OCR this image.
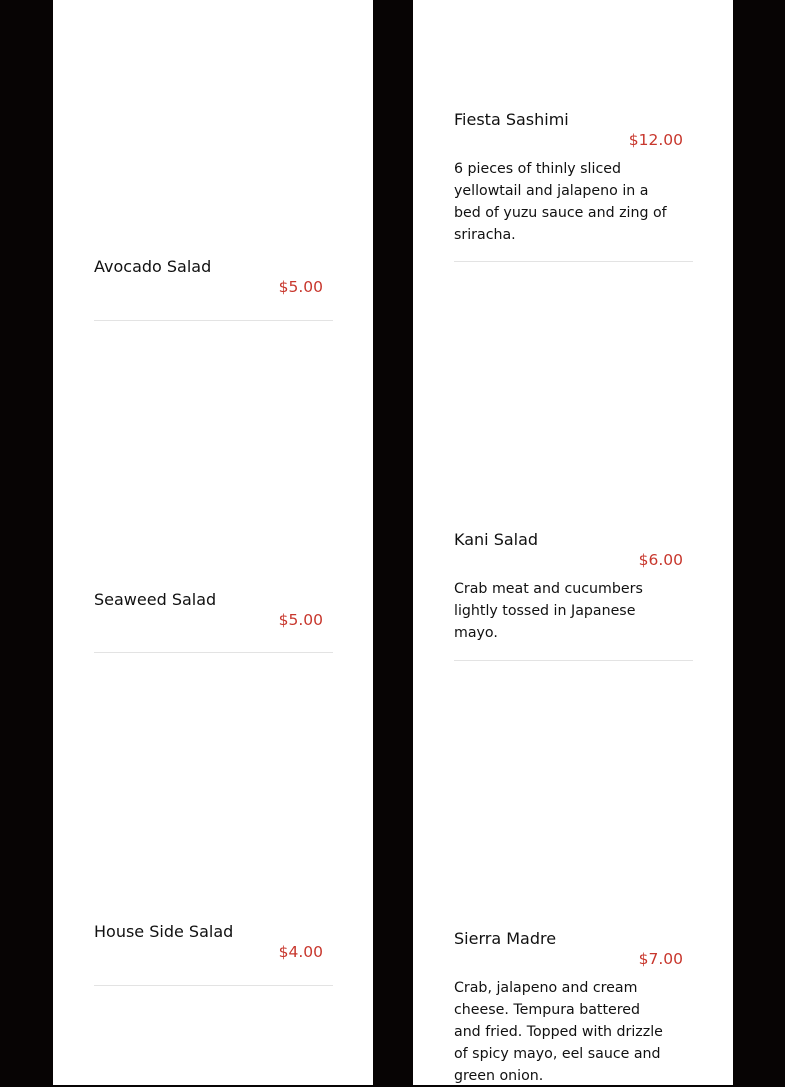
Avocado Salad
$5.00
Seaweed Salad
$5.00
House Side Salad
$4.00
Fiesta Sashimi
$12.00
6 pieces of thinly sliced yellowtail and jalapeno in a bed of yuzu sauce and zing of sriracha.
Kani Salad
$6.00
Crab meat and cucumbers lightly tossed in Japanese mayo.
Sierra Madre
$7.00
Crab, jalapeno and cream cheese. Tempura battered and fried. Topped with drizzle of spicy mayo, eel sauce and green onion.
